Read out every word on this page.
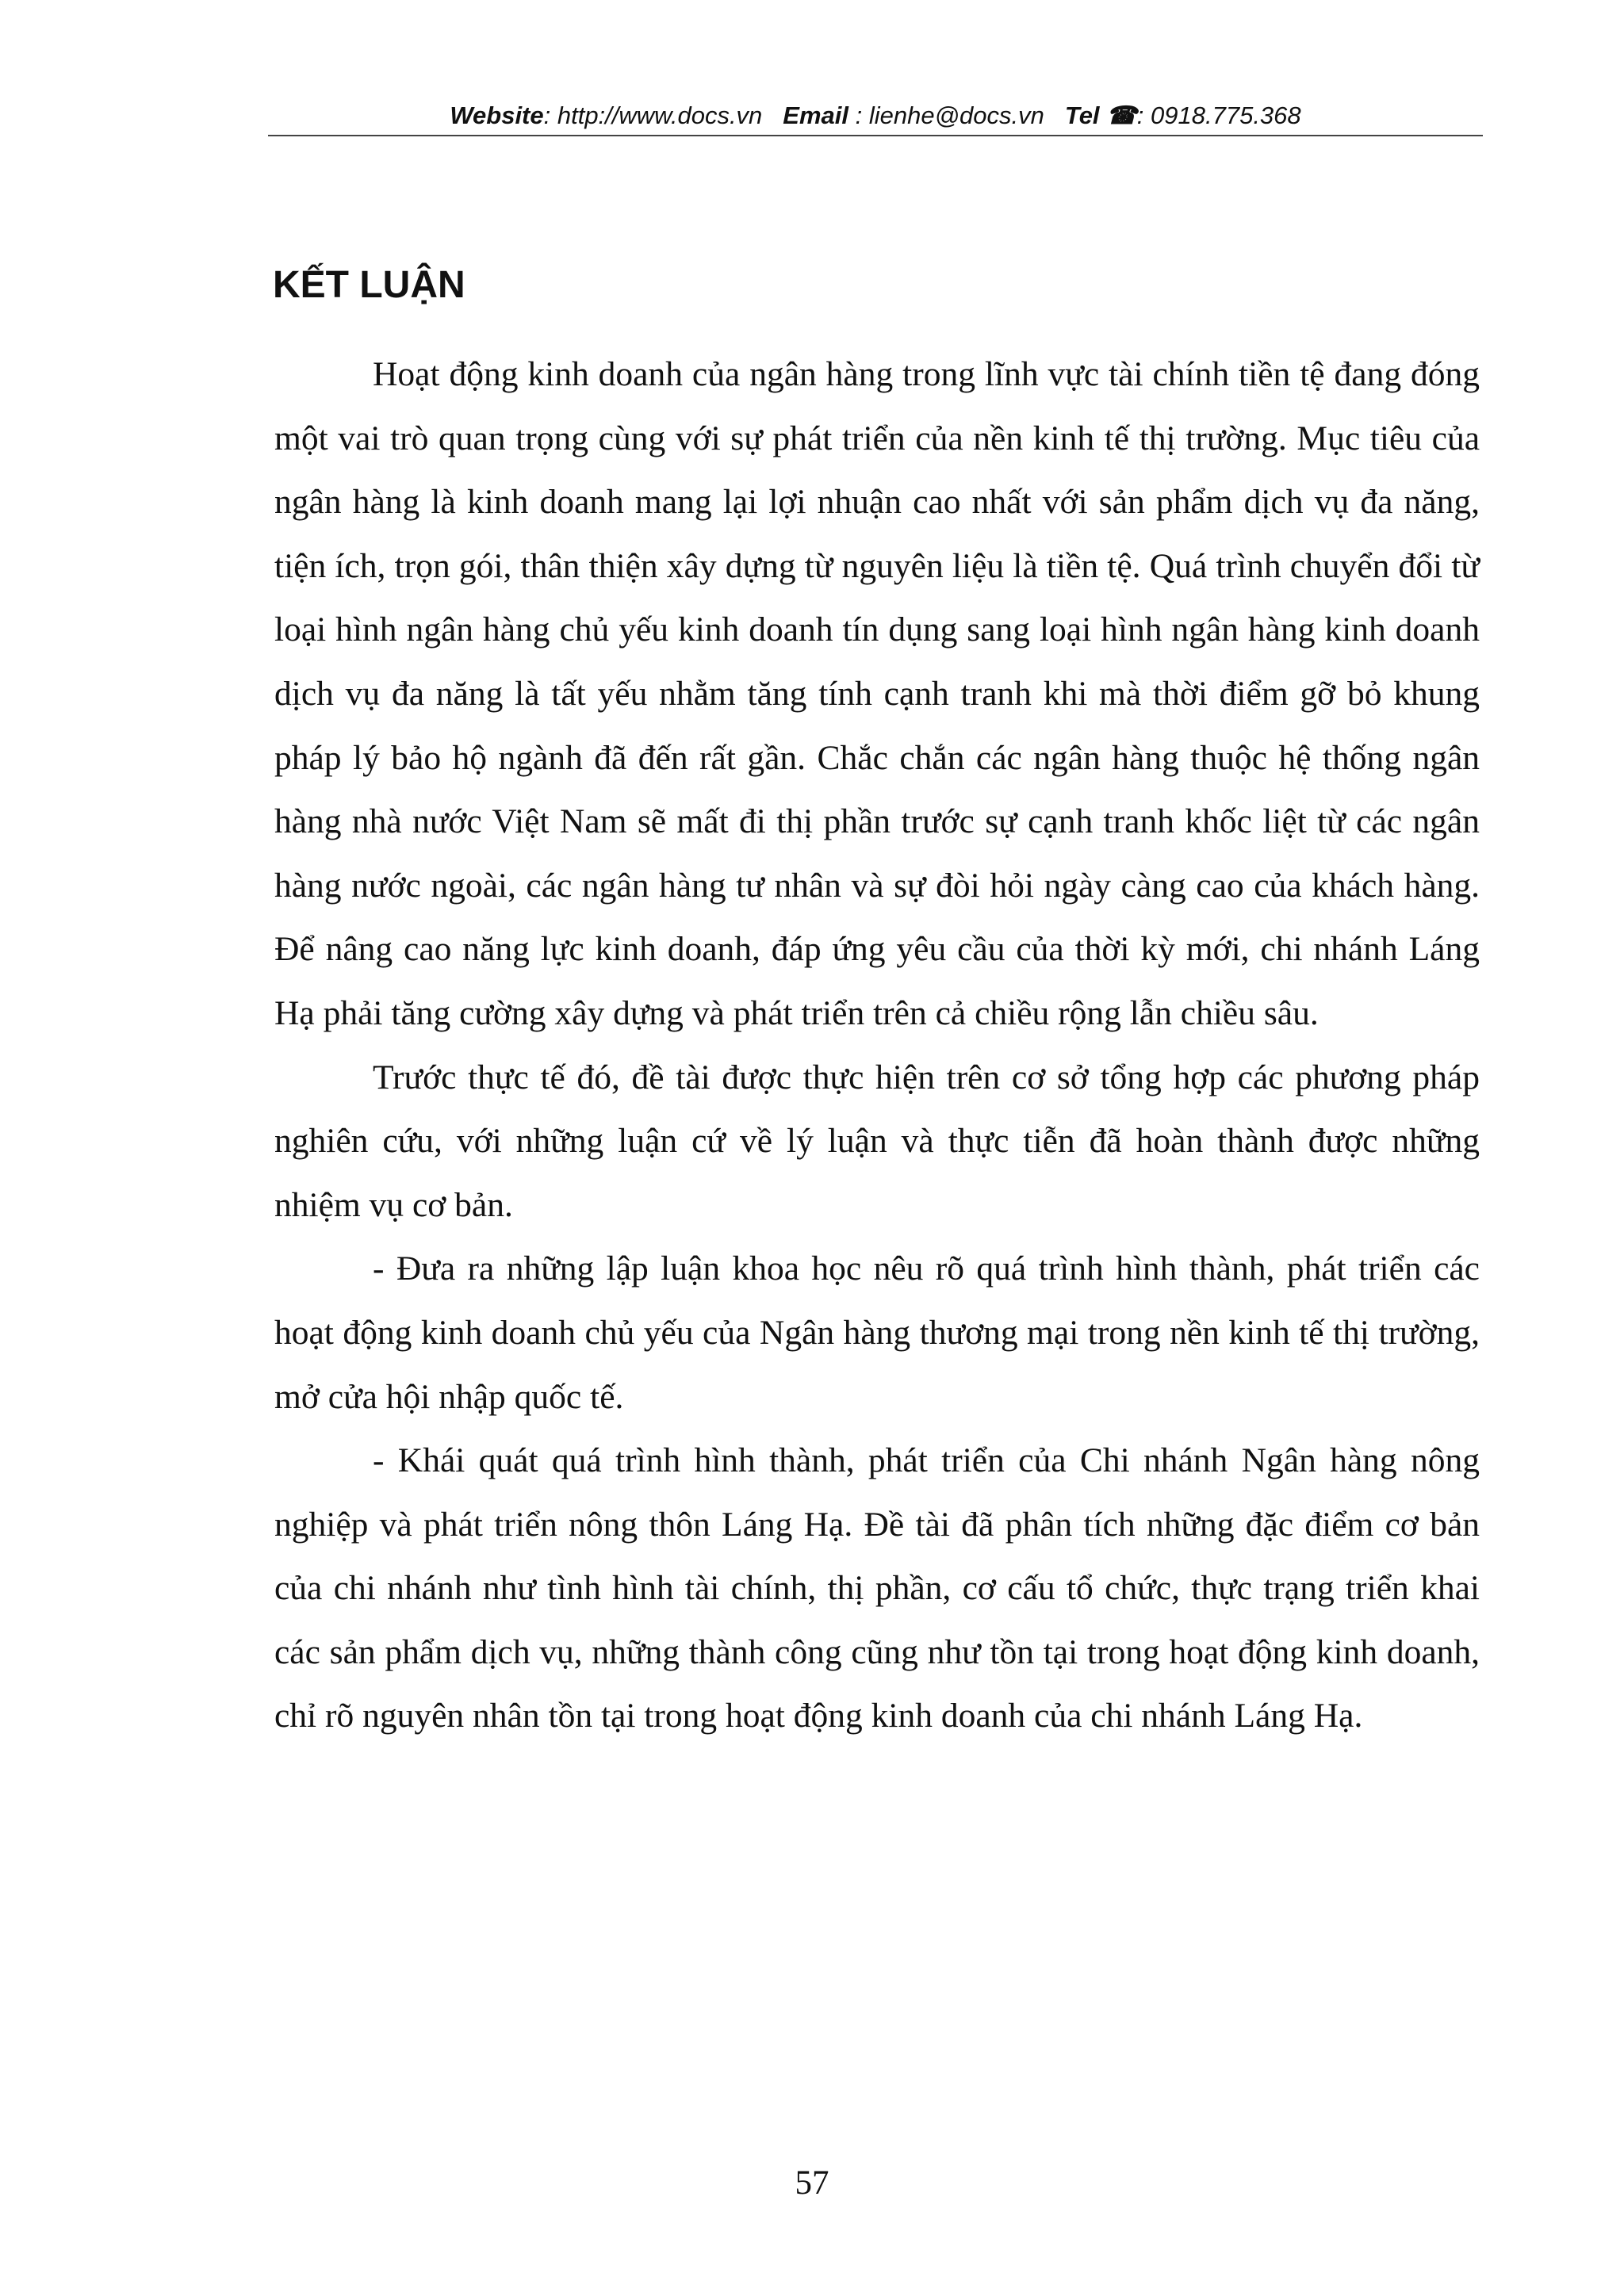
Website: http://www.docs.vn Email : lienhe@docs.vn Tel ☎: 0918.775.368
KẾT LUẬN

Hoạt động kinh doanh của ngân hàng trong lĩnh vực tài chính tiền tệ đang đóng một vai trò quan trọng cùng với sự phát triển của nền kinh tế thị trường. Mục tiêu của ngân hàng là kinh doanh mang lại lợi nhuận cao nhất với sản phẩm dịch vụ đa năng, tiện ích, trọn gói, thân thiện xây dựng từ nguyên liệu là tiền tệ. Quá trình chuyển đổi từ loại hình ngân hàng chủ yếu kinh doanh tín dụng sang loại hình ngân hàng kinh doanh dịch vụ đa năng là tất yếu nhằm tăng tính cạnh tranh khi mà thời điểm gỡ bỏ khung pháp lý bảo hộ ngành đã đến rất gần. Chắc chắn các ngân hàng thuộc hệ thống ngân hàng nhà nước Việt Nam sẽ mất đi thị phần trước sự cạnh tranh khốc liệt từ các ngân hàng nước ngoài, các ngân hàng tư nhân và sự đòi hỏi ngày càng cao của khách hàng. Để nâng cao năng lực kinh doanh, đáp ứng yêu cầu của thời kỳ mới, chi nhánh Láng Hạ phải tăng cường xây dựng và phát triển trên cả chiều rộng lẫn chiều sâu.

Trước thực tế đó, đề tài được thực hiện trên cơ sở tổng hợp các phương pháp nghiên cứu, với những luận cứ về lý luận và thực tiễn đã hoàn thành được những nhiệm vụ cơ bản.

- Đưa ra những lập luận khoa học nêu rõ quá trình hình thành, phát triển các hoạt động kinh doanh chủ yếu của Ngân hàng thương mại trong nền kinh tế thị trường, mở cửa hội nhập quốc tế.

- Khái quát quá trình hình thành, phát triển của Chi nhánh Ngân hàng nông nghiệp và phát triển nông thôn Láng Hạ. Đề tài đã phân tích những đặc điểm cơ bản của chi nhánh như tình hình tài chính, thị phần, cơ cấu tổ chức, thực trạng triển khai các sản phẩm dịch vụ, những thành công cũng như tồn tại trong hoạt động kinh doanh, chỉ rõ nguyên nhân tồn tại trong hoạt động kinh doanh của chi nhánh Láng Hạ.

57
